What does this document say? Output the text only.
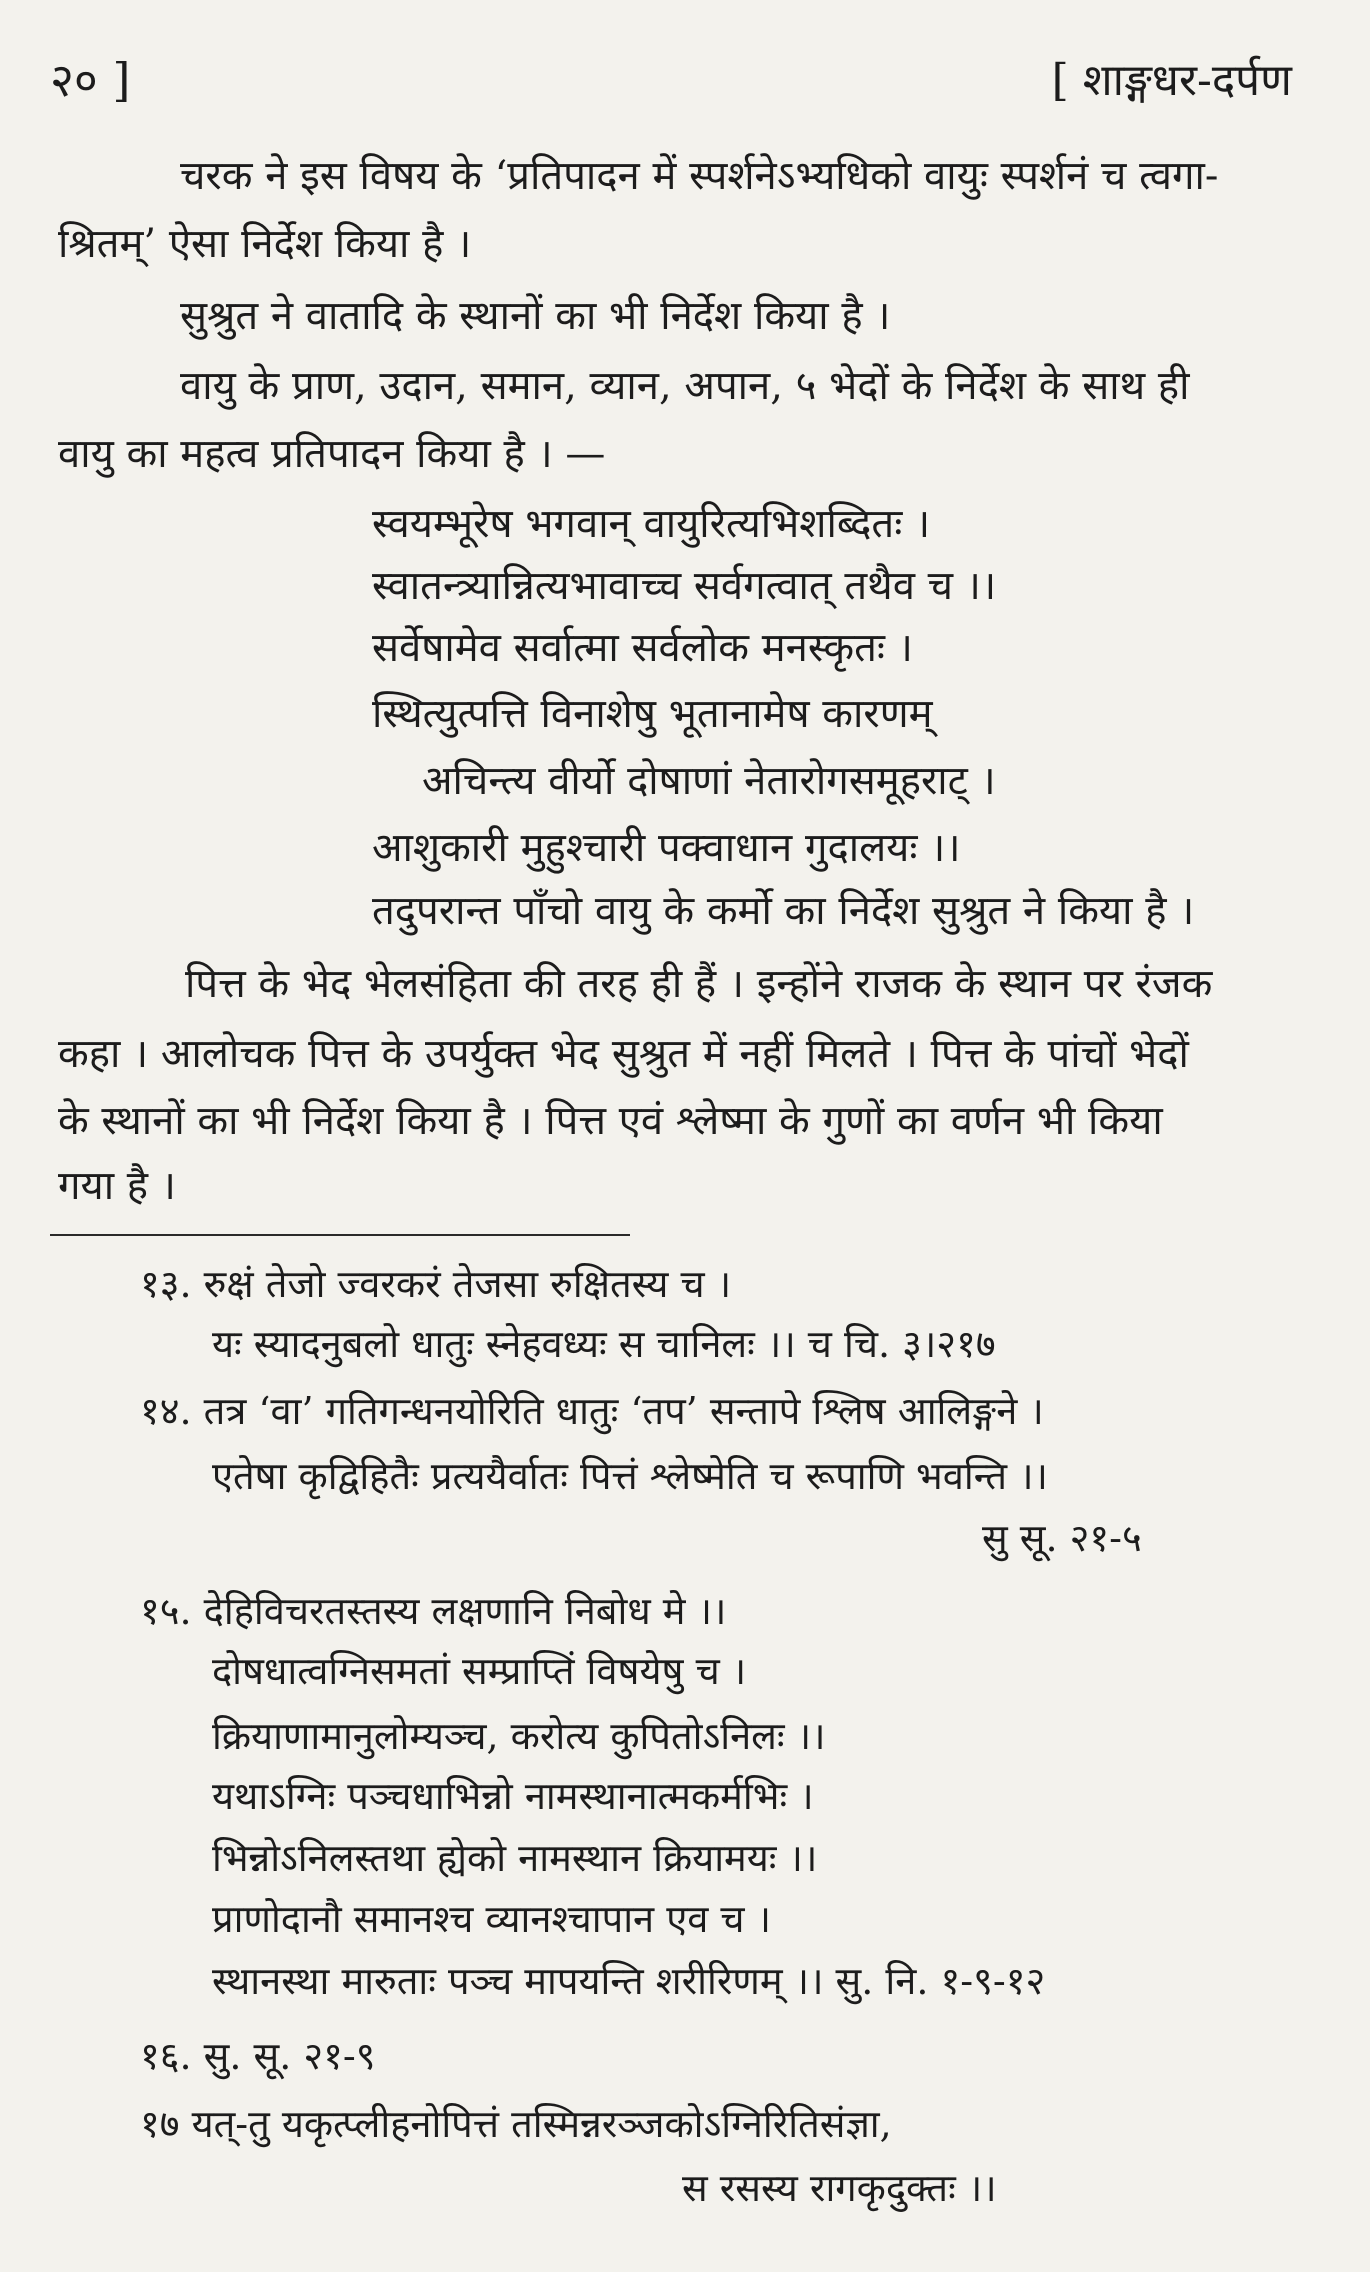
२० ]	[ शाङ्गधर-दर्पण
चरक ने इस विषय के ‘प्रतिपादन में स्पर्शनेऽभ्यधिको वायुः स्पर्शनं च त्वगा-
श्रितम्’ ऐसा निर्देश किया है ।
सुश्रुत ने वातादि के स्थानों का भी निर्देश किया है ।
वायु के प्राण, उदान, समान, व्यान, अपान, ५ भेदों के निर्देश के साथ ही
वायु का महत्व प्रतिपादन किया है । —
स्वयम्भूरेष भगवान् वायुरित्यभिशब्दितः ।
स्वातन्त्र्यान्नित्यभावाच्च सर्वगत्वात् तथैव च ।।
सर्वेषामेव सर्वात्मा सर्वलोक मनस्कृतः ।
स्थित्युत्पत्ति विनाशेषु भूतानामेष कारणम्
अचिन्त्य वीर्यो दोषाणां नेतारोगसमूहराट् ।
आशुकारी मुहुश्चारी पक्वाधान गुदालयः ।।
तदुपरान्त पाँचो वायु के कर्मो का निर्देश सुश्रुत ने किया है ।
पित्त के भेद भेलसंहिता की तरह ही हैं । इन्होंने राजक के स्थान पर रंजक
कहा । आलोचक पित्त के उपर्युक्त भेद सुश्रुत में नहीं मिलते । पित्त के पांचों भेदों
के स्थानों का भी निर्देश किया है । पित्त एवं श्लेष्मा के गुणों का वर्णन भी किया
गया है ।
१३. रुक्षं तेजो ज्वरकरं तेजसा रुक्षितस्य च ।
यः स्यादनुबलो धातुः स्नेहवध्यः स चानिलः ।। च चि. ३।२१७
१४. तत्र ‘वा’ गतिगन्धनयोरिति धातुः ‘तप’ सन्तापे श्लिष आलिङ्गने ।
एतेषा कृद्विहितैः प्रत्ययैर्वातः पित्तं श्लेष्मेति च रूपाणि भवन्ति ।।
सु सू. २१-५
१५. देहिविचरतस्तस्य लक्षणानि निबोध मे ।।
दोषधात्वग्निसमतां सम्प्राप्तिं विषयेषु च ।
क्रियाणामानुलोम्यञ्च, करोत्य कुपितोऽनिलः ।।
यथाऽग्निः पञ्चधाभिन्नो नामस्थानात्मकर्मभिः ।
भिन्नोऽनिलस्तथा ह्येको नामस्थान क्रियामयः ।।
प्राणोदानौ समानश्च व्यानश्चापान एव च ।
स्थानस्था मारुताः पञ्च मापयन्ति शरीरिणम् ।। सु. नि. १-९-१२
१६. सु. सू. २१-९
१७ यत्-तु यकृत्प्लीहनोपित्तं तस्मिन्नरञ्जकोऽग्निरितिसंज्ञा,
स रसस्य रागकृदुक्तः ।।
